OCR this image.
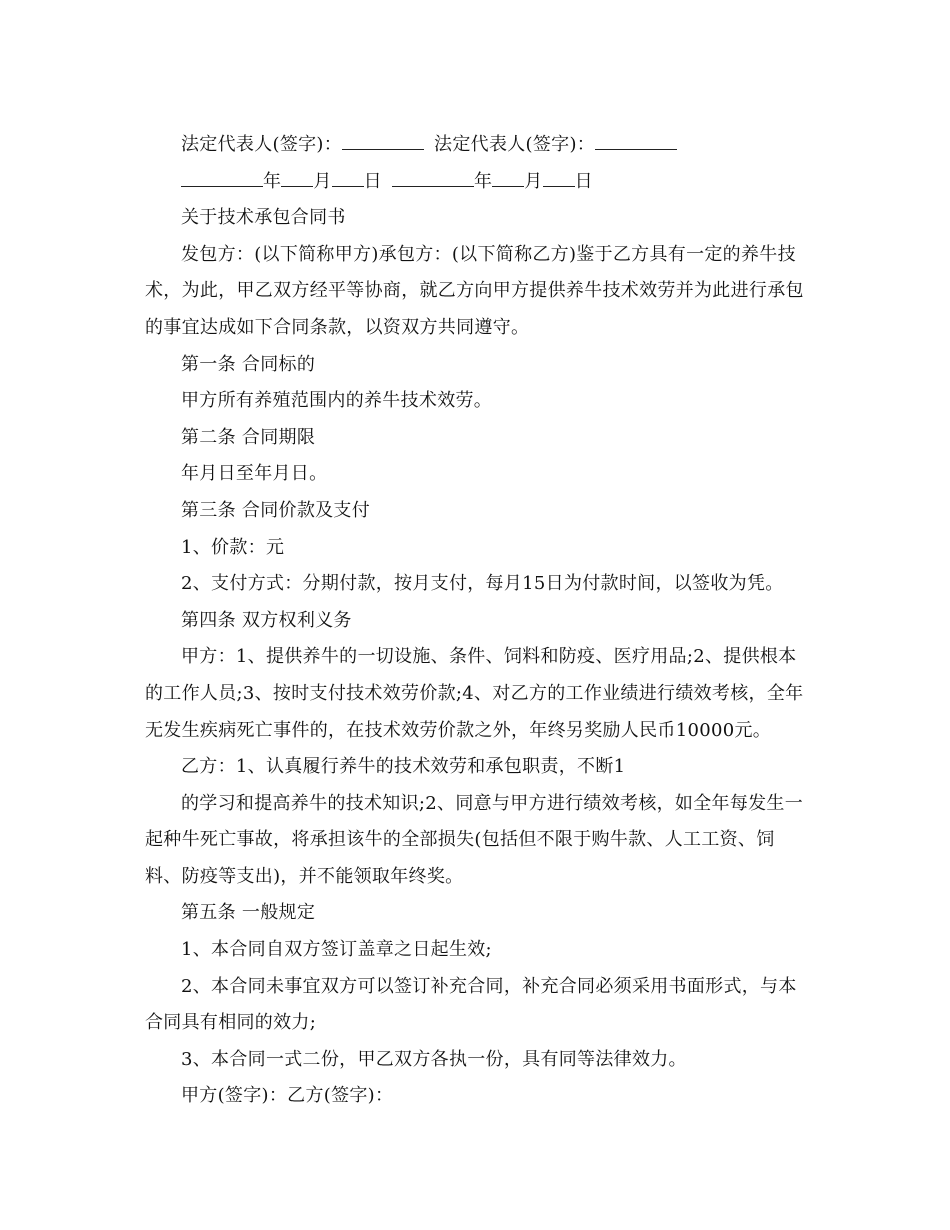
法定代表人(签字)：	法定代表人(签字)：

年 月 日	年 月 日

关于技术承包合同书

发包方：(以下简称甲方)承包方：(以下简称乙方)鉴于乙方具有一定的养牛技术，为此，甲乙双方经平等协商，就乙方向甲方提供养牛技术效劳并为此进行承包的事宜达成如下合同条款，以资双方共同遵守。

第一条 合同标的

甲方所有养殖范围内的养牛技术效劳。

第二条 合同期限

年月日至年月日。

第三条 合同价款及支付

1、价款：元

2、支付方式：分期付款，按月支付，每月15日为付款时间，以签收为凭。

第四条 双方权利义务

甲方：1、提供养牛的一切设施、条件、饲料和防疫、医疗用品;2、提供根本的工作人员;3、按时支付技术效劳价款;4、对乙方的工作业绩进行绩效考核，全年无发生疾病死亡事件的，在技术效劳价款之外，年终另奖励人民币10000元。

乙方：1、认真履行养牛的技术效劳和承包职责，不断1

的学习和提高养牛的技术知识;2、同意与甲方进行绩效考核，如全年每发生一起种牛死亡事故，将承担该牛的全部损失(包括但不限于购牛款、人工工资、饲料、防疫等支出)，并不能领取年终奖。

第五条 一般规定

1、本合同自双方签订盖章之日起生效;

2、本合同未事宜双方可以签订补充合同，补充合同必须采用书面形式，与本合同具有相同的效力;

3、本合同一式二份，甲乙双方各执一份，具有同等法律效力。

甲方(签字)：乙方(签字)：
